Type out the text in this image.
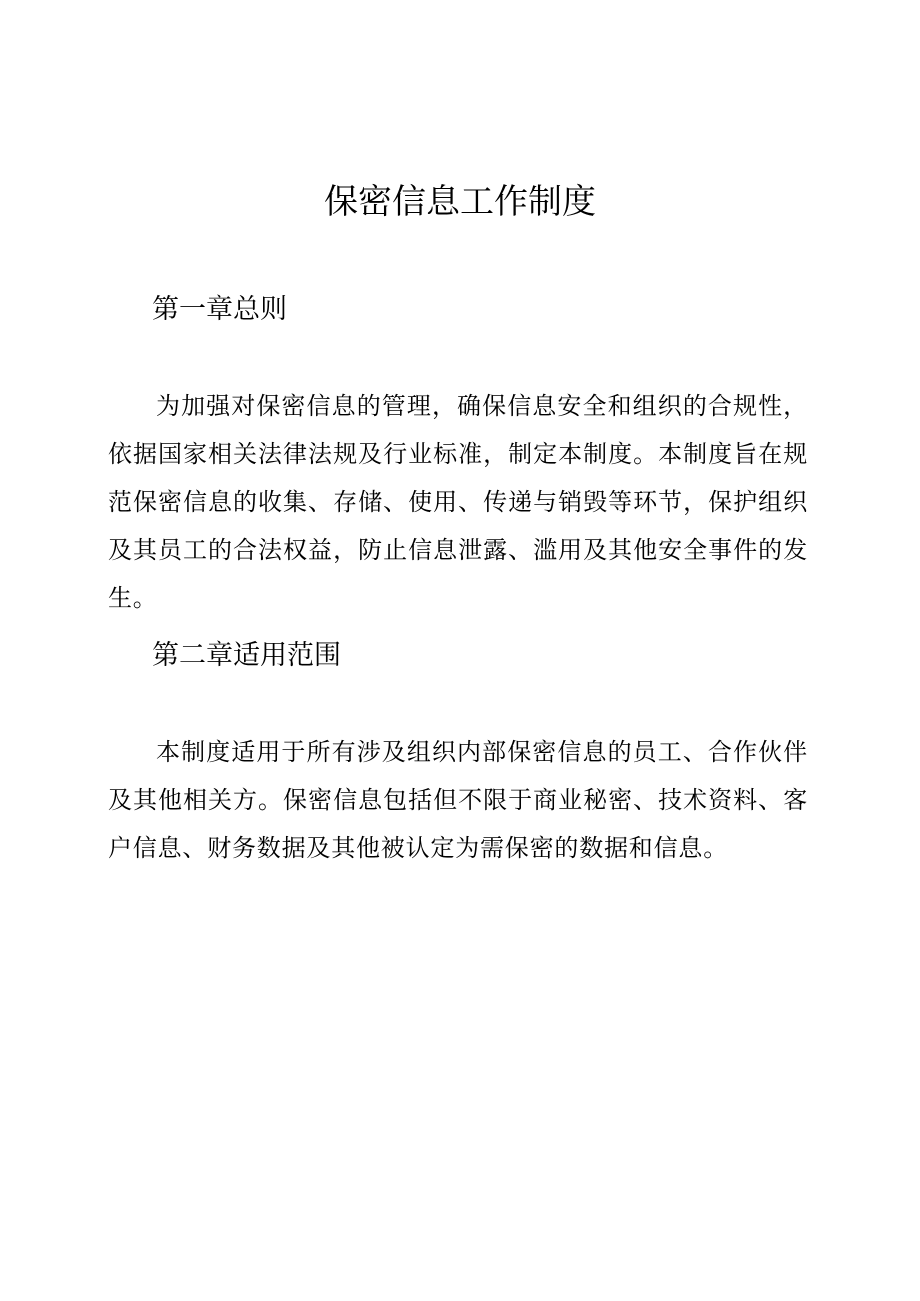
保密信息工作制度
第一章总则

为加强对保密信息的管理，确保信息安全和组织的合规性，依据国家相关法律法规及行业标准，制定本制度。本制度旨在规范保密信息的收集、存储、使用、传递与销毁等环节，保护组织及其员工的合法权益，防止信息泄露、滥用及其他安全事件的发生。

第二章适用范围

本制度适用于所有涉及组织内部保密信息的员工、合作伙伴及其他相关方。保密信息包括但不限于商业秘密、技术资料、客户信息、财务数据及其他被认定为需保密的数据和信息。
